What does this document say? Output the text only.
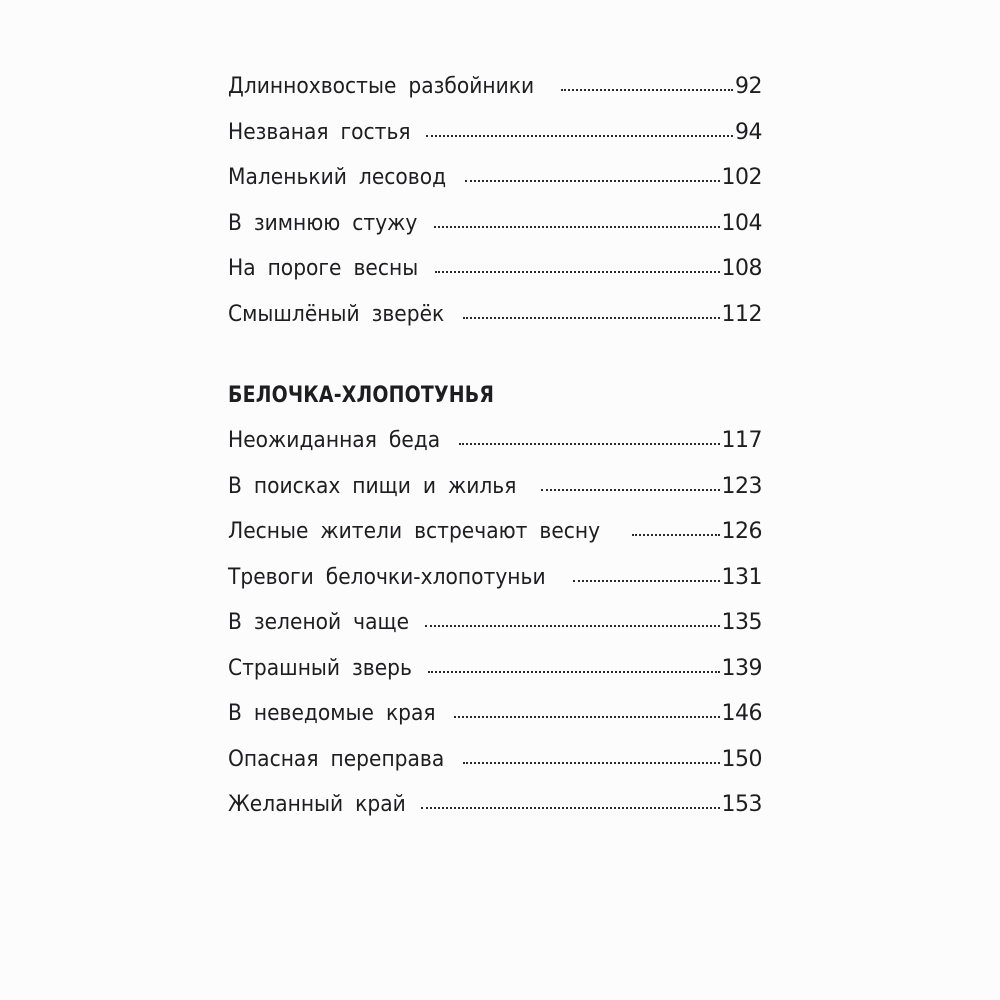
Длиннохвостые разбойники	92
Незваная гостья	94
Маленький лесовод	102
В зимнюю стужу	104
На пороге весны	108
Смышлёный зверёк	112
БЕЛОЧКА-ХЛОПОТУНЬЯ
Неожиданная беда	117
В поисках пищи и жилья	123
Лесные жители встречают весну	126
Тревоги белочки-хлопотуньи	131
В зеленой чаще	135
Страшный зверь	139
В неведомые края	146
Опасная переправа	150
Желанный край	153
